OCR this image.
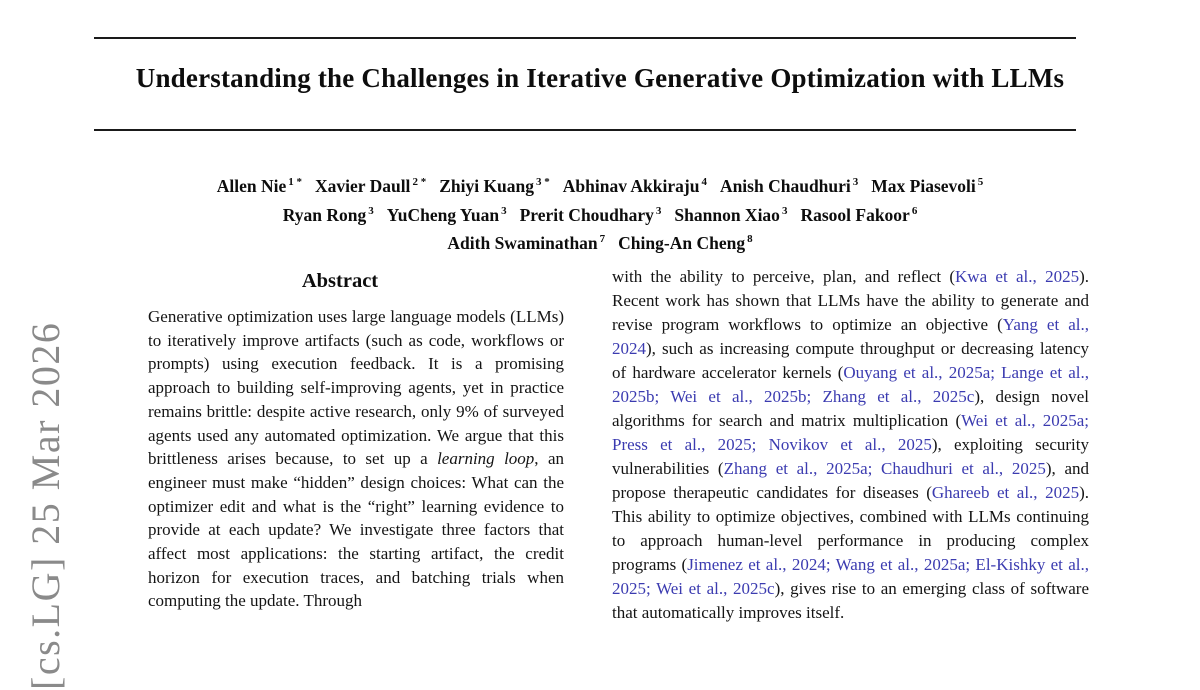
[cs.LG] 25 Mar 2026
Understanding the Challenges in Iterative Generative Optimization with LLMs
Allen Nie $^{1 *}$ Xavier Daull $^{2 *}$ Zhiyi Kuang $^{3 *}$ Abhinav Akkiraju $^4$ Anish Chaudhuri $^3$ Max Piasevoli $^5$
Ryan Rong $^3$ YuCheng Yuan $^3$ Prerit Choudhary $^3$ Shannon Xiao $^3$ Rasool Fakoor $^6$
Adith Swaminathan $^7$ Ching-An Cheng $^8$
Abstract
Generative optimization uses large language models (LLMs) to iteratively improve artifacts (such as code, workflows or prompts) using execution feedback. It is a promising approach to building self-improving agents, yet in practice remains brittle: despite active research, only 9% of surveyed agents used any automated optimization. We argue that this brittleness arises because, to set up a learning loop, an engineer must make “hidden” design choices: What can the optimizer edit and what is the “right” learning evidence to provide at each update? We investigate three factors that affect most applications: the starting artifact, the credit horizon for execution traces, and batching trials when computing the update. Through
with the ability to perceive, plan, and reflect (Kwa et al., 2025). Recent work has shown that LLMs have the ability to generate and revise program workflows to optimize an objective (Yang et al., 2024), such as increasing compute throughput or decreasing latency of hardware accelerator kernels (Ouyang et al., 2025a; Lange et al., 2025b; Wei et al., 2025b; Zhang et al., 2025c), design novel algorithms for search and matrix multiplication (Wei et al., 2025a; Press et al., 2025; Novikov et al., 2025), exploiting security vulnerabilities (Zhang et al., 2025a; Chaudhuri et al., 2025), and propose therapeutic candidates for diseases (Ghareeb et al., 2025). This ability to optimize objectives, combined with LLMs continuing to approach human-level performance in producing complex programs (Jimenez et al., 2024; Wang et al., 2025a; El-Kishky et al., 2025; Wei et al., 2025c), gives rise to an emerging class of software that automatically improves itself.
